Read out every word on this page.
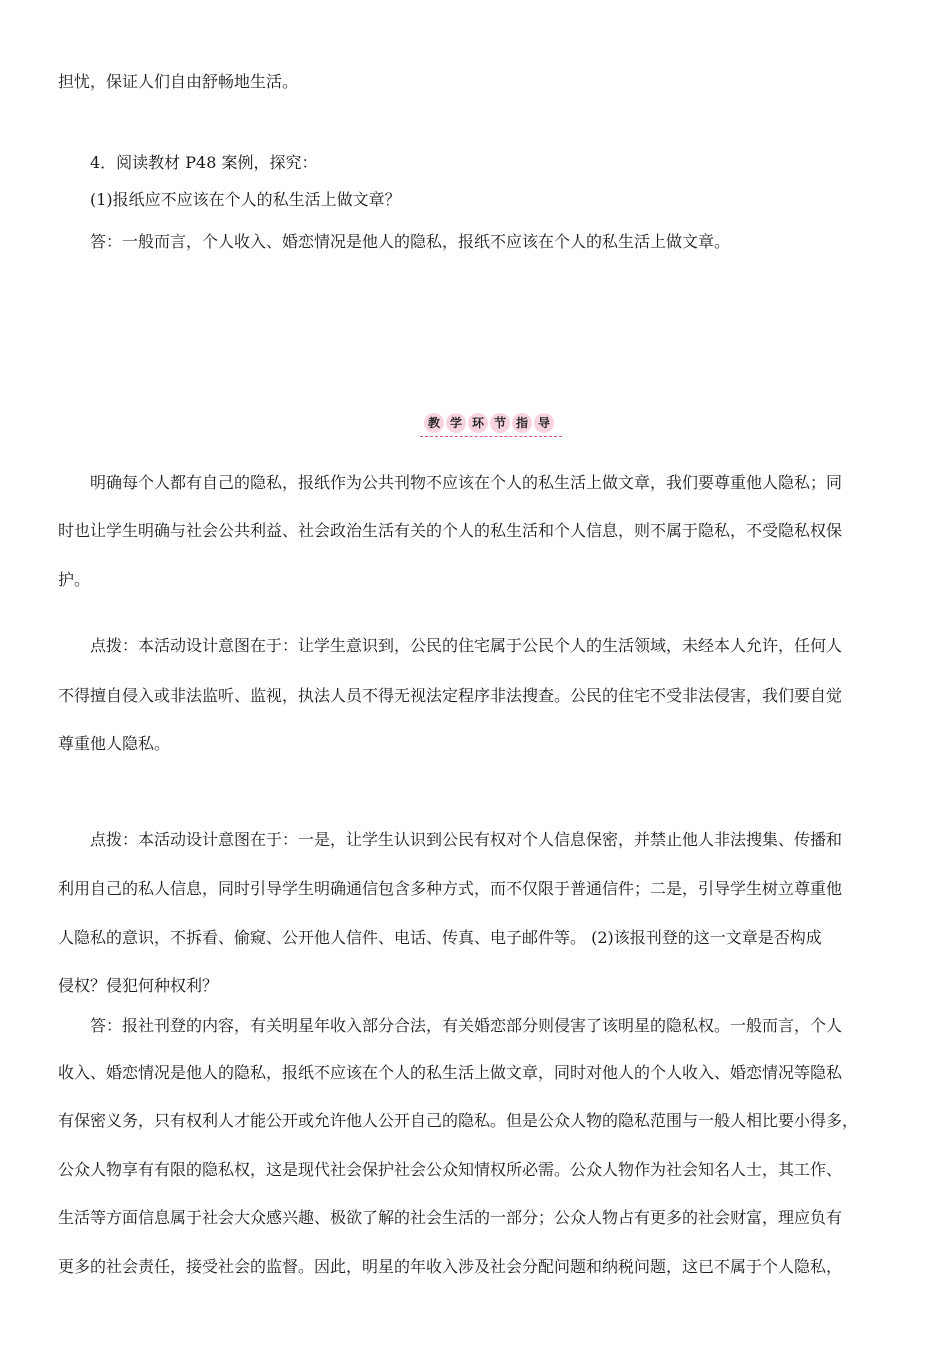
担忧，保证人们自由舒畅地生活。
4．阅读教材 P48 案例，探究：
(1)报纸应不应该在个人的私生活上做文章？
答：一般而言，个人收入、婚恋情况是他人的隐私，报纸不应该在个人的私生活上做文章。
教 学 环 节 指 导
明确每个人都有自己的隐私，报纸作为公共刊物不应该在个人的私生活上做文章，我们要尊重他人隐私；同
时也让学生明确与社会公共利益、社会政治生活有关的个人的私生活和个人信息，则不属于隐私，不受隐私权保
护。
点拨：本活动设计意图在于：让学生意识到，公民的住宅属于公民个人的生活领域，未经本人允许，任何人
不得擅自侵入或非法监听、监视，执法人员不得无视法定程序非法搜查。公民的住宅不受非法侵害，我们要自觉
尊重他人隐私。
点拨：本活动设计意图在于：一是，让学生认识到公民有权对个人信息保密，并禁止他人非法搜集、传播和
利用自己的私人信息，同时引导学生明确通信包含多种方式，而不仅限于普通信件；二是，引导学生树立尊重他
人隐私的意识，不拆看、偷窥、公开他人信件、电话、传真、电子邮件等。 (2)该报刊登的这一文章是否构成
侵权？侵犯何种权利？
答：报社刊登的内容，有关明星年收入部分合法，有关婚恋部分则侵害了该明星的隐私权。一般而言，个人
收入、婚恋情况是他人的隐私，报纸不应该在个人的私生活上做文章，同时对他人的个人收入、婚恋情况等隐私
有保密义务，只有权利人才能公开或允许他人公开自己的隐私。但是公众人物的隐私范围与一般人相比要小得多，
公众人物享有有限的隐私权，这是现代社会保护社会公众知情权所必需。公众人物作为社会知名人士，其工作、
生活等方面信息属于社会大众感兴趣、极欲了解的社会生活的一部分；公众人物占有更多的社会财富，理应负有
更多的社会责任，接受社会的监督。因此，明星的年收入涉及社会分配问题和纳税问题，这已不属于个人隐私，
